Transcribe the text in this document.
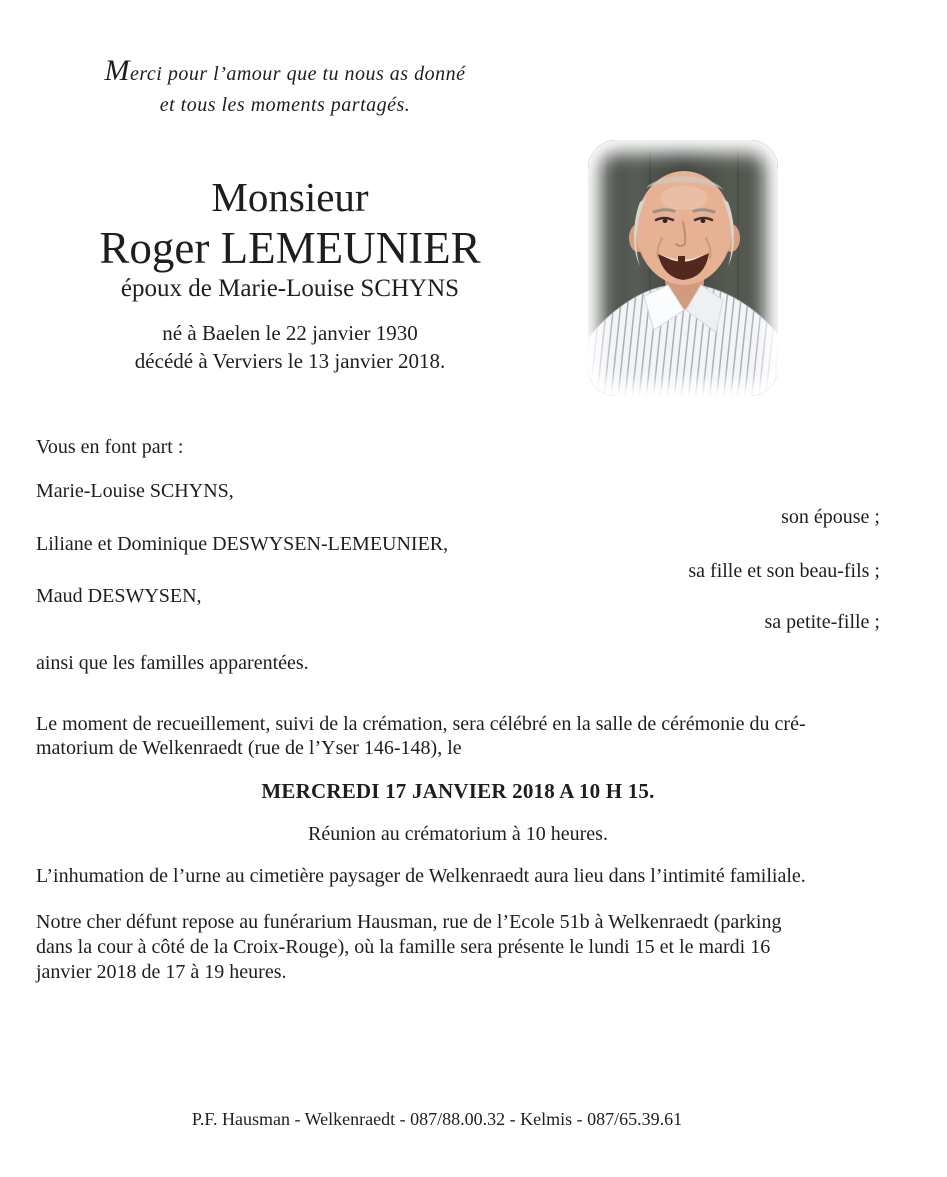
Merci pour l’amour que tu nous as donné
et tous les moments partagés.
Monsieur
Roger LEMEUNIER
époux de Marie-Louise SCHYNS
né à Baelen le 22 janvier 1930
décédé à Verviers le 13 janvier 2018.
Vous en font part :
Marie-Louise SCHYNS,
son épouse ;
Liliane et Dominique DESWYSEN-LEMEUNIER,
sa fille et son beau-fils ;
Maud DESWYSEN,
sa petite-fille ;
ainsi que les familles apparentées.
Le moment de recueillement, suivi de la crémation, sera célébré en la salle de cérémonie du cré-
matorium de Welkenraedt (rue de l’Yser 146-148), le
MERCREDI 17 JANVIER 2018 A 10 H 15.
Réunion au crématorium à 10 heures.
L’inhumation de l’urne au cimetière paysager de Welkenraedt aura lieu dans l’intimité familiale.
Notre cher défunt repose au funérarium Hausman, rue de l’Ecole 51b à Welkenraedt (parking
dans la cour à côté de la Croix-Rouge), où la famille sera présente le lundi 15 et le mardi 16
janvier 2018 de 17 à 19 heures.
P.F. Hausman - Welkenraedt - 087/88.00.32 - Kelmis - 087/65.39.61
